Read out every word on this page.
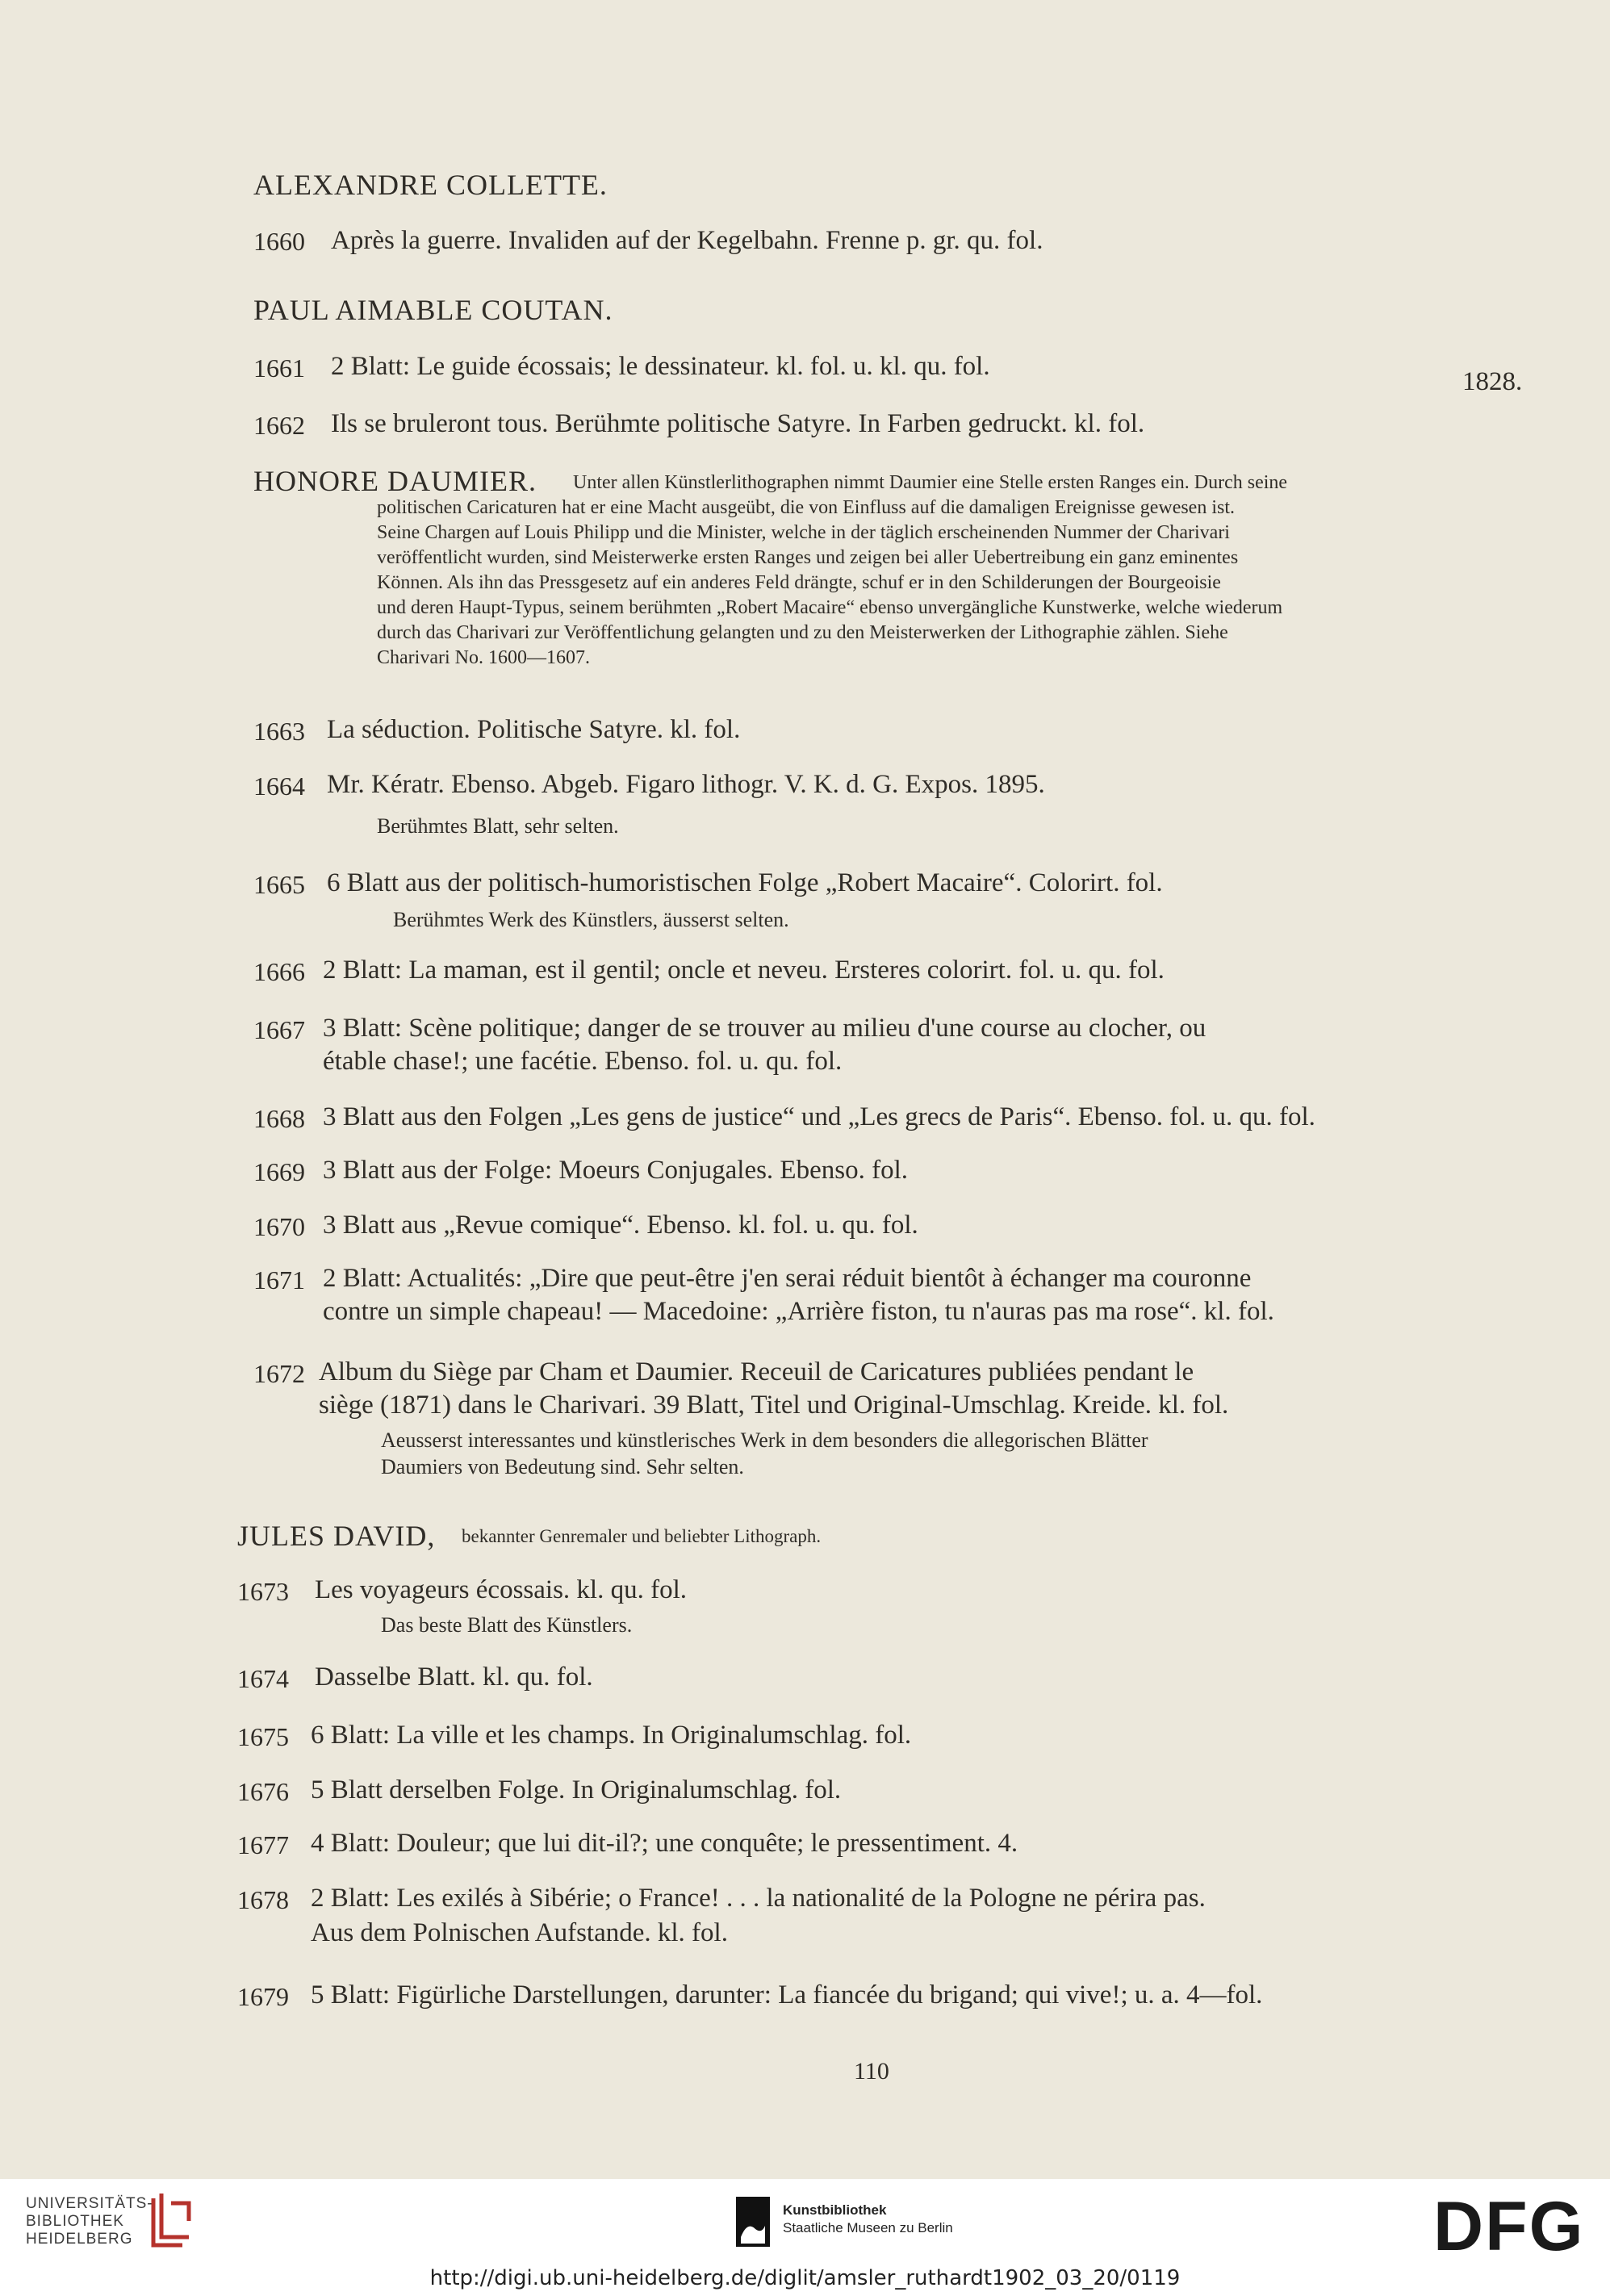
ALEXANDRE COLLETTE.
1660 Après la guerre. Invaliden auf der Kegelbahn. Frenne p. gr. qu. fol.
PAUL AIMABLE COUTAN.
1661 2 Blatt: Le guide écossais; le dessinateur. kl. fol. u. kl. qu. fol.
1828.
1662 Ils se bruleront tous. Berühmte politische Satyre. In Farben gedruckt. kl. fol.
HONORE DAUMIER. Unter allen Künstlerlithographen nimmt Daumier eine Stelle ersten Ranges ein. Durch seine
politischen Caricaturen hat er eine Macht ausgeübt, die von Einfluss auf die damaligen Ereignisse gewesen ist.
Seine Chargen auf Louis Philipp und die Minister, welche in der täglich erscheinenden Nummer der Charivari
veröffentlicht wurden, sind Meisterwerke ersten Ranges und zeigen bei aller Uebertreibung ein ganz eminentes
Können. Als ihn das Pressgesetz auf ein anderes Feld drängte, schuf er in den Schilderungen der Bourgeoisie
und deren Haupt-Typus, seinem berühmten „Robert Macaire“ ebenso unvergängliche Kunstwerke, welche wiederum
durch das Charivari zur Veröffentlichung gelangten und zu den Meisterwerken der Lithographie zählen. Siehe
Charivari No. 1600—1607.
1663 La séduction. Politische Satyre. kl. fol.
1664 Mr. Kératr. Ebenso. Abgeb. Figaro lithogr. V. K. d. G. Expos. 1895.
Berühmtes Blatt, sehr selten.
1665 6 Blatt aus der politisch-humoristischen Folge „Robert Macaire“. Colorirt. fol.
Berühmtes Werk des Künstlers, äusserst selten.
1666 2 Blatt: La maman, est il gentil; oncle et neveu. Ersteres colorirt. fol. u. qu. fol.
1667 3 Blatt: Scène politique; danger de se trouver au milieu d'une course au clocher, ou
étable chase!; une facétie. Ebenso. fol. u. qu. fol.
1668 3 Blatt aus den Folgen „Les gens de justice“ und „Les grecs de Paris“. Ebenso. fol. u. qu. fol.
1669 3 Blatt aus der Folge: Moeurs Conjugales. Ebenso. fol.
1670 3 Blatt aus „Revue comique“. Ebenso. kl. fol. u. qu. fol.
1671 2 Blatt: Actualités: „Dire que peut-être j'en serai réduit bientôt à échanger ma couronne
contre un simple chapeau! — Macedoine: „Arrière fiston, tu n'auras pas ma rose“. kl. fol.
1672 Album du Siège par Cham et Daumier. Receuil de Caricatures publiées pendant le
siège (1871) dans le Charivari. 39 Blatt, Titel und Original-Umschlag. Kreide. kl. fol.
Aeusserst interessantes und künstlerisches Werk in dem besonders die allegorischen Blätter
Daumiers von Bedeutung sind. Sehr selten.
JULES DAVID, bekannter Genremaler und beliebter Lithograph.
1673 Les voyageurs écossais. kl. qu. fol.
Das beste Blatt des Künstlers.
1674 Dasselbe Blatt. kl. qu. fol.
1675 6 Blatt: La ville et les champs. In Originalumschlag. fol.
1676 5 Blatt derselben Folge. In Originalumschlag. fol.
1677 4 Blatt: Douleur; que lui dit-il?; une conquête; le pressentiment. 4.
1678 2 Blatt: Les exilés à Sibérie; o France! . . . la nationalité de la Pologne ne périra pas.
Aus dem Polnischen Aufstande. kl. fol.
1679 5 Blatt: Figürliche Darstellungen, darunter: La fiancée du brigand; qui vive!; u. a. 4—fol.
110
UNIVERSITÄTS-
BIBLIOTHEK
HEIDELBERG
Kunstbibliothek
Staatliche Museen zu Berlin	DFG
http://digi.ub.uni-heidelberg.de/diglit/amsler_ruthardt1902_03_20/0119
